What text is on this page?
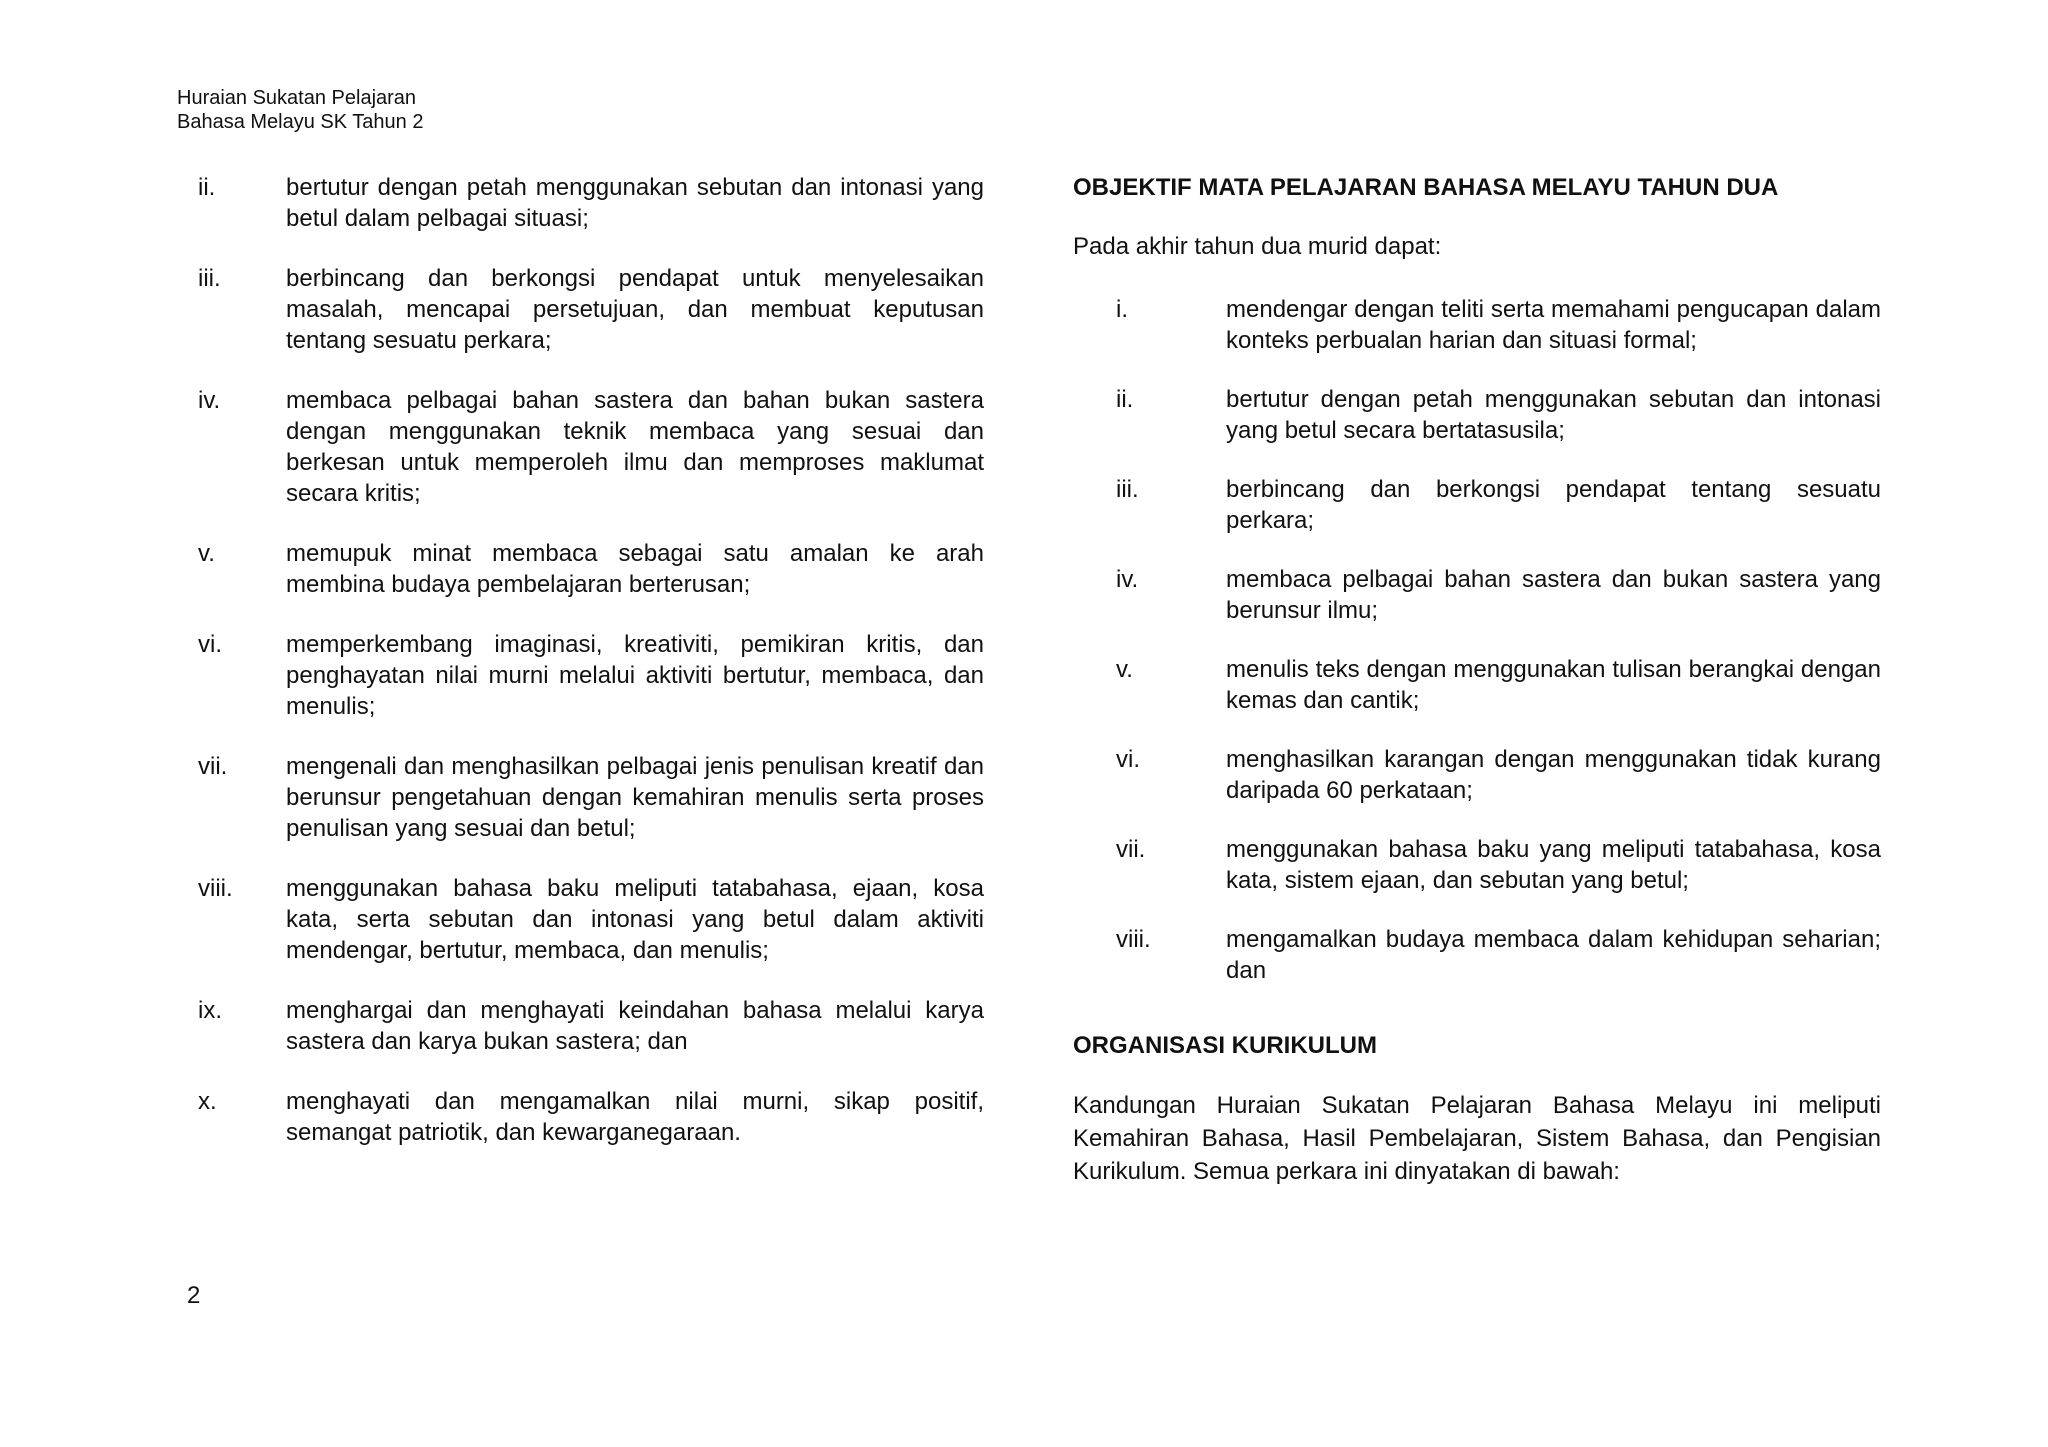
Huraian Sukatan Pelajaran
Bahasa Melayu SK Tahun 2
ii.	bertutur dengan petah menggunakan sebutan dan intonasi yang betul dalam pelbagai situasi;
iii.	berbincang dan berkongsi pendapat untuk menyelesaikan masalah, mencapai persetujuan, dan membuat keputusan tentang sesuatu perkara;
iv.	membaca pelbagai bahan sastera dan bahan bukan sastera dengan menggunakan teknik membaca yang sesuai dan berkesan untuk memperoleh ilmu dan memproses maklumat secara kritis;
v.	memupuk minat membaca sebagai satu amalan ke arah membina budaya pembelajaran berterusan;
vi.	memperkembang imaginasi, kreativiti, pemikiran kritis, dan penghayatan nilai murni melalui aktiviti bertutur, membaca, dan menulis;
vii.	mengenali dan menghasilkan pelbagai jenis penulisan kreatif dan berunsur pengetahuan dengan kemahiran menulis serta proses penulisan yang sesuai dan betul;
viii.	menggunakan bahasa baku meliputi tatabahasa, ejaan, kosa kata, serta sebutan dan intonasi yang betul dalam aktiviti mendengar, bertutur, membaca, dan menulis;
ix.	menghargai dan menghayati keindahan bahasa melalui karya sastera dan karya bukan sastera; dan
x.	menghayati dan mengamalkan nilai murni, sikap positif, semangat patriotik, dan kewarganegaraan.
OBJEKTIF MATA PELAJARAN BAHASA MELAYU TAHUN DUA
Pada akhir tahun dua murid dapat:
i.	mendengar dengan teliti serta memahami pengucapan dalam konteks perbualan harian dan situasi formal;
ii.	bertutur dengan petah menggunakan sebutan dan intonasi yang betul secara bertatasusila;
iii.	berbincang dan berkongsi pendapat tentang sesuatu perkara;
iv.	membaca pelbagai bahan sastera dan bukan sastera yang berunsur ilmu;
v.	menulis teks dengan menggunakan tulisan berangkai dengan kemas dan cantik;
vi.	menghasilkan karangan dengan menggunakan tidak kurang daripada 60 perkataan;
vii.	menggunakan bahasa baku yang meliputi tatabahasa, kosa kata, sistem ejaan, dan sebutan yang betul;
viii.	mengamalkan budaya membaca dalam kehidupan seharian; dan
ORGANISASI KURIKULUM
Kandungan Huraian Sukatan Pelajaran Bahasa Melayu ini meliputi Kemahiran Bahasa, Hasil Pembelajaran, Sistem Bahasa, dan Pengisian Kurikulum. Semua perkara ini dinyatakan di bawah:
2
